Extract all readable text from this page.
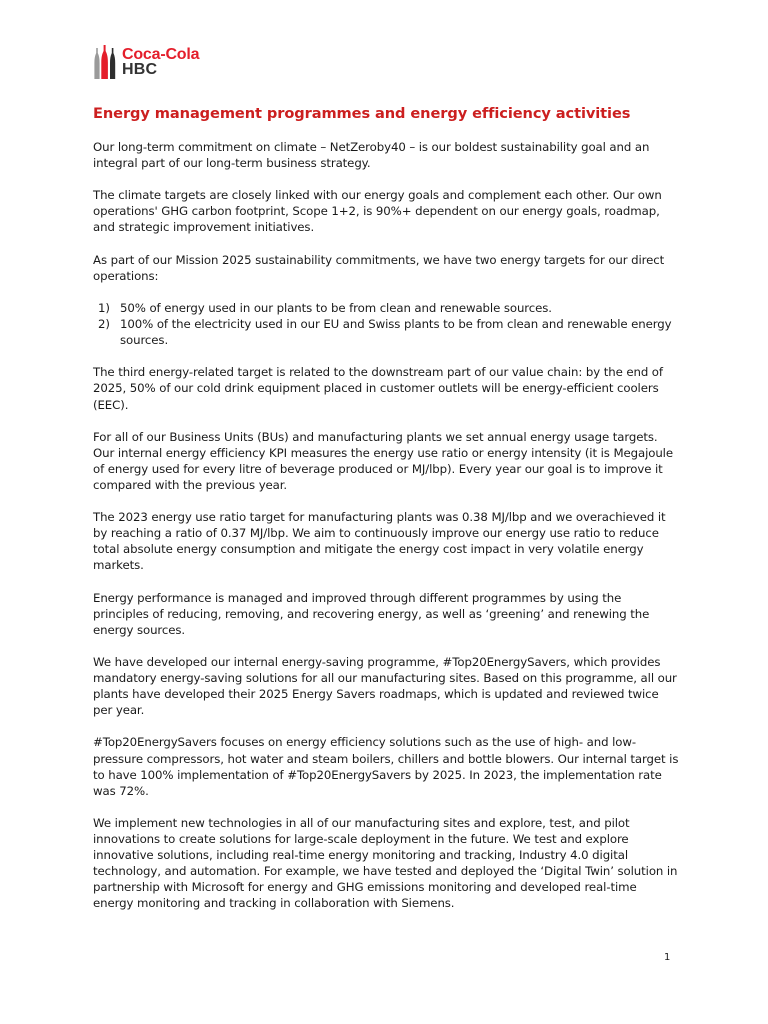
Coca-Cola
HBC
Energy management programmes and energy efficiency activities

Our long-term commitment on climate – NetZeroby40 – is our boldest sustainability goal and an integral part of our long-term business strategy.

The climate targets are closely linked with our energy goals and complement each other. Our own operations' GHG carbon footprint, Scope 1+2, is 90%+ dependent on our energy goals, roadmap, and strategic improvement initiatives.

As part of our Mission 2025 sustainability commitments, we have two energy targets for our direct operations:

1) 50% of energy used in our plants to be from clean and renewable sources.
2) 100% of the electricity used in our EU and Swiss plants to be from clean and renewable energy sources.

The third energy-related target is related to the downstream part of our value chain: by the end of 2025, 50% of our cold drink equipment placed in customer outlets will be energy-efficient coolers (EEC).

For all of our Business Units (BUs) and manufacturing plants we set annual energy usage targets. Our internal energy efficiency KPI measures the energy use ratio or energy intensity (it is Megajoule of energy used for every litre of beverage produced or MJ/lbp). Every year our goal is to improve it compared with the previous year.

The 2023 energy use ratio target for manufacturing plants was 0.38 MJ/lbp and we overachieved it by reaching a ratio of 0.37 MJ/lbp. We aim to continuously improve our energy use ratio to reduce total absolute energy consumption and mitigate the energy cost impact in very volatile energy markets.

Energy performance is managed and improved through different programmes by using the principles of reducing, removing, and recovering energy, as well as ‘greening’ and renewing the energy sources.

We have developed our internal energy-saving programme, #Top20EnergySavers, which provides mandatory energy-saving solutions for all our manufacturing sites. Based on this programme, all our plants have developed their 2025 Energy Savers roadmaps, which is updated and reviewed twice per year.

#Top20EnergySavers focuses on energy efficiency solutions such as the use of high- and low-pressure compressors, hot water and steam boilers, chillers and bottle blowers. Our internal target is to have 100% implementation of #Top20EnergySavers by 2025. In 2023, the implementation rate was 72%.

We implement new technologies in all of our manufacturing sites and explore, test, and pilot innovations to create solutions for large-scale deployment in the future. We test and explore innovative solutions, including real-time energy monitoring and tracking, Industry 4.0 digital technology, and automation. For example, we have tested and deployed the ‘Digital Twin’ solution in partnership with Microsoft for energy and GHG emissions monitoring and developed real-time energy monitoring and tracking in collaboration with Siemens.

1
